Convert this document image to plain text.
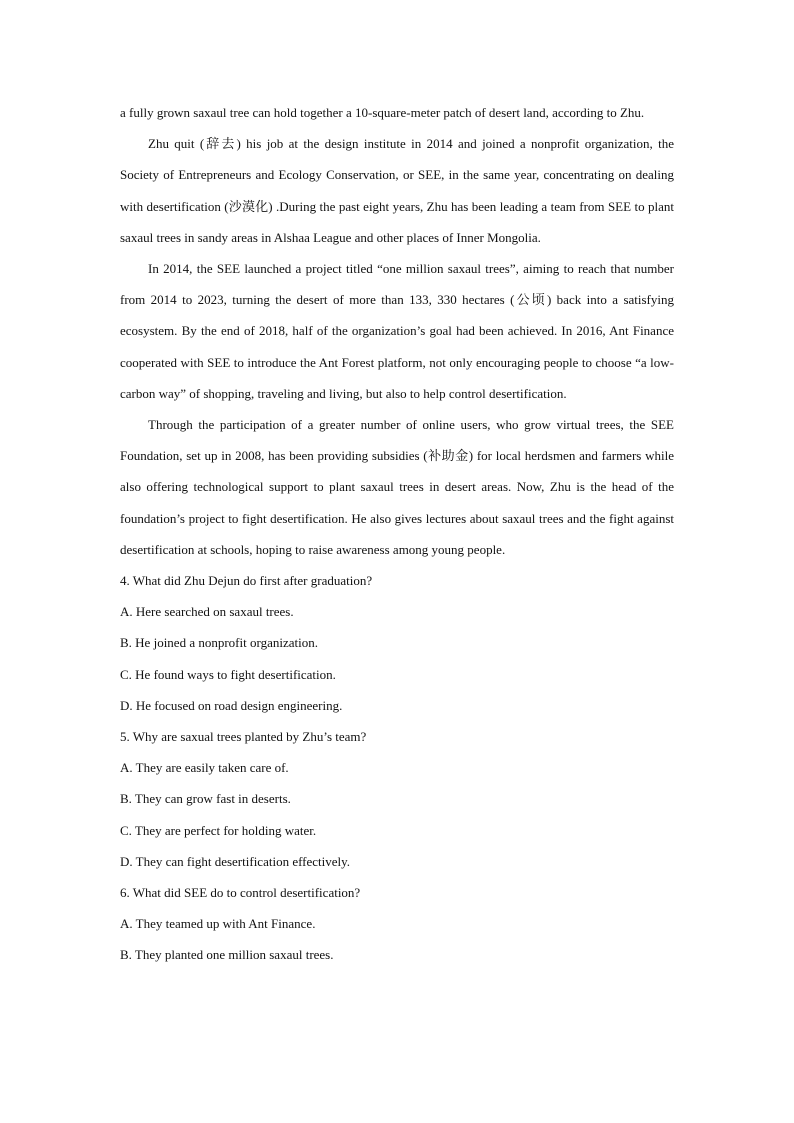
a fully grown saxaul tree can hold together a 10-square-meter patch of desert land, according to Zhu.

Zhu quit (辞去) his job at the design institute in 2014 and joined a nonprofit organization, the Society of Entrepreneurs and Ecology Conservation, or SEE, in the same year, concentrating on dealing with desertification (沙漠化) .During the past eight years, Zhu has been leading a team from SEE to plant saxaul trees in sandy areas in Alshaa League and other places of Inner Mongolia.

In 2014, the SEE launched a project titled “one million saxaul trees”, aiming to reach that number from 2014 to 2023, turning the desert of more than 133, 330 hectares (公顷) back into a satisfying ecosystem. By the end of 2018, half of the organization’s goal had been achieved. In 2016, Ant Finance cooperated with SEE to introduce the Ant Forest platform, not only encouraging people to choose “a low-carbon way” of shopping, traveling and living, but also to help control desertification.

Through the participation of a greater number of online users, who grow virtual trees, the SEE Foundation, set up in 2008, has been providing subsidies (补助金) for local herdsmen and farmers while also offering technological support to plant saxaul trees in desert areas. Now, Zhu is the head of the foundation’s project to fight desertification. He also gives lectures about saxaul trees and the fight against desertification at schools, hoping to raise awareness among young people.

4. What did Zhu Dejun do first after graduation?

A. Here searched on saxaul trees.

B. He joined a nonprofit organization.

C. He found ways to fight desertification.

D. He focused on road design engineering.

5. Why are saxual trees planted by Zhu’s team?

A. They are easily taken care of.

B. They can grow fast in deserts.

C. They are perfect for holding water.

D. They can fight desertification effectively.

6. What did SEE do to control desertification?

A. They teamed up with Ant Finance.

B. They planted one million saxaul trees.
